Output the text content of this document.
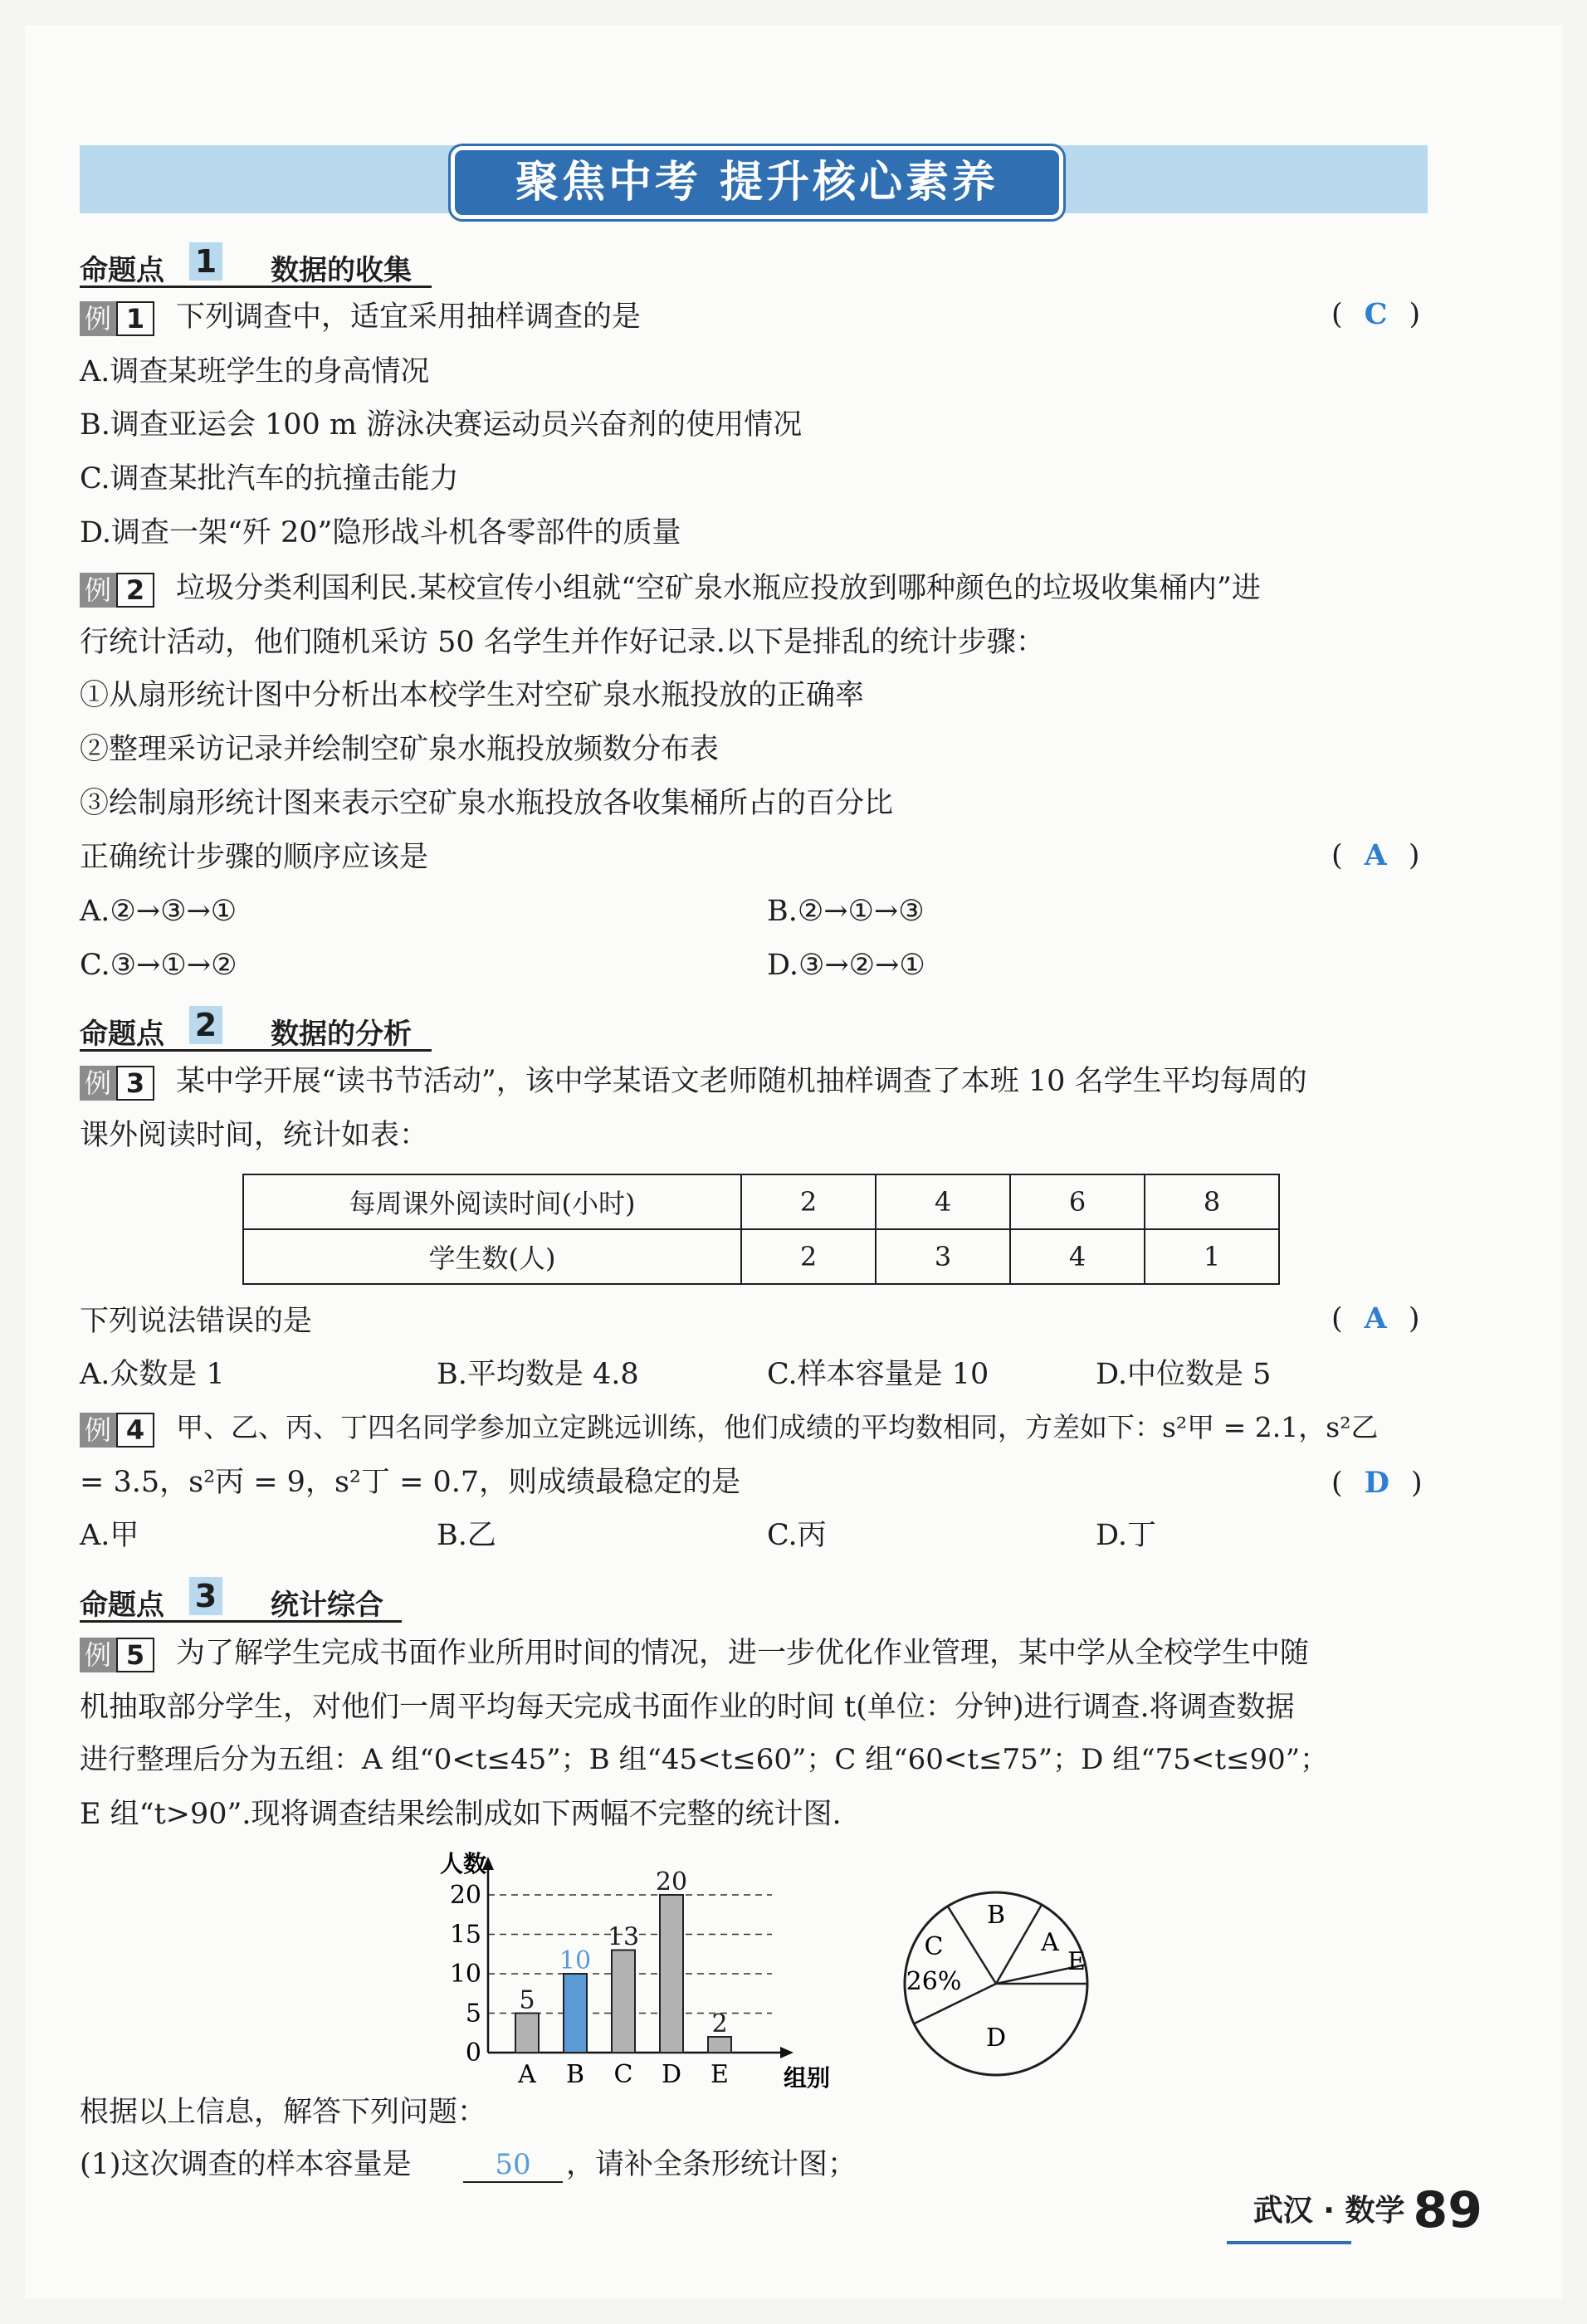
聚焦中考 提升核心素养
命题点 1 数据的收集
例 1	下列调查中，适宜采用抽样调查的是	( C )
A.调查某班学生的身高情况
B.调查亚运会 100 m 游泳决赛运动员兴奋剂的使用情况
C.调查某批汽车的抗撞击能力
D.调查一架“歼 20”隐形战斗机各零部件的质量
例 2	垃圾分类利国利民.某校宣传小组就“空矿泉水瓶应投放到哪种颜色的垃圾收集桶内”进
行统计活动，他们随机采访 50 名学生并作好记录.以下是排乱的统计步骤：
①从扇形统计图中分析出本校学生对空矿泉水瓶投放的正确率
②整理采访记录并绘制空矿泉水瓶投放频数分布表
③绘制扇形统计图来表示空矿泉水瓶投放各收集桶所占的百分比
正确统计步骤的顺序应该是	( A )
A.②→③→①	B.②→①→③
C.③→①→②	D.③→②→①
命题点 2 数据的分析
例 3	某中学开展“读书节活动”，该中学某语文老师随机抽样调查了本班 10 名学生平均每周的
课外阅读时间，统计如表：
每周课外阅读时间(小时)	2	4	6	8
学生数(人)	2	3	4	1
下列说法错误的是	( A )
A.众数是 1	B.平均数是 4.8	C.样本容量是 10	D.中位数是 5
例 4	甲、乙、丙、丁四名同学参加立定跳远训练，他们成绩的平均数相同，方差如下：s²甲 = 2.1，s²乙
= 3.5，s²丙 = 9，s²丁 = 0.7，则成绩最稳定的是	( D )
A.甲	B.乙	C.丙	D.丁
命题点 3 统计综合
例 5	为了解学生完成书面作业所用时间的情况，进一步优化作业管理，某中学从全校学生中随
机抽取部分学生，对他们一周平均每天完成书面作业的时间 t(单位：分钟)进行调查.将调查数据
进行整理后分为五组：A 组“0<t≤45”；B 组“45<t≤60”；C 组“60<t≤75”；D 组“75<t≤90”；
E 组“t>90”.现将调查结果绘制成如下两幅不完整的统计图.
0
5
10
15
20
人数
组别
5
A
10
B
13
C
20
D
2
E
B
A
E
C
D
26%
根据以上信息，解答下列问题：
(1)这次调查的样本容量是	50	，请补全条形统计图；
武汉 · 数学 89
